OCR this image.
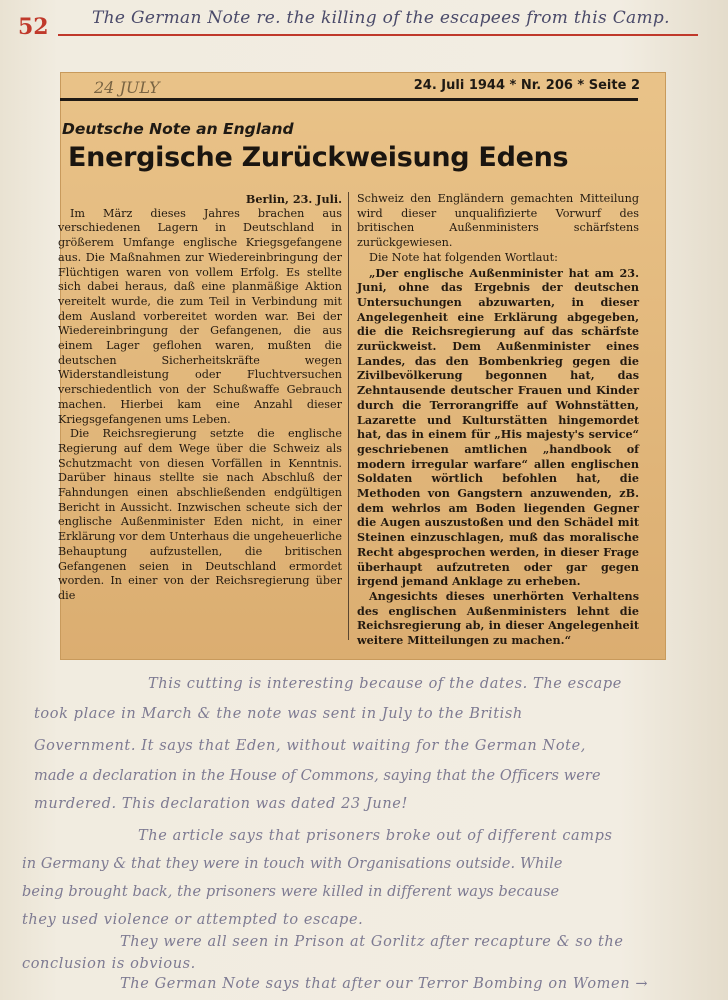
52	The German Note re. the killing of the escapees from this Camp.
24 JULY	24. Juli 1944 * Nr. 206 * Seite 2
Deutsche Note an England
Energische Zurückweisung Edens

Berlin, 23. Juli.

Im März dieses Jahres brachen aus verschiedenen Lagern in Deutschland in größerem Umfange englische Kriegsgefangene aus. Die Maßnahmen zur Wiedereinbringung der Flüchtigen waren von vollem Erfolg. Es stellte sich dabei heraus, daß eine planmäßige Aktion vereitelt wurde, die zum Teil in Verbindung mit dem Ausland vorbereitet worden war. Bei der Wiedereinbringung der Gefangenen, die aus einem Lager geflohen waren, mußten die deutschen Sicherheitskräfte wegen Widerstandleistung oder Fluchtversuchen verschiedentlich von der Schußwaffe Gebrauch machen. Hierbei kam eine Anzahl dieser Kriegsgefangenen ums Leben.

Die Reichsregierung setzte die englische Regierung auf dem Wege über die Schweiz als Schutzmacht von diesen Vorfällen in Kenntnis. Darüber hinaus stellte sie nach Abschluß der Fahndungen einen abschließenden endgültigen Bericht in Aussicht. Inzwischen scheute sich der englische Außenminister Eden nicht, in einer Erklärung vor dem Unterhaus die ungeheuerliche Behauptung aufzustellen, die britischen Gefangenen seien in Deutschland ermordet worden. In einer von der Reichsregierung über die

Schweiz den Engländern gemachten Mitteilung wird dieser unqualifizierte Vorwurf des britischen Außenministers schärfstens zurückgewiesen.

Die Note hat folgenden Wortlaut:

„Der englische Außenminister hat am 23. Juni, ohne das Ergebnis der deutschen Untersuchungen abzuwarten, in dieser Angelegenheit eine Erklärung abgegeben, die die Reichsregierung auf das schärfste zurückweist. Dem Außenminister eines Landes, das den Bombenkrieg gegen die Zivilbevölkerung begonnen hat, das Zehntausende deutscher Frauen und Kinder durch die Terrorangriffe auf Wohnstätten, Lazarette und Kulturstätten hingemordet hat, das in einem für „His majesty's service“ geschriebenen amtlichen „handbook of modern irregular warfare“ allen englischen Soldaten wörtlich befohlen hat, die Methoden von Gangstern anzuwenden, zB. dem wehrlos am Boden liegenden Gegner die Augen auszustoßen und den Schädel mit Steinen einzuschlagen, muß das moralische Recht abgesprochen werden, in dieser Frage überhaupt aufzutreten oder gar gegen irgend jemand Anklage zu erheben.

Angesichts dieses unerhörten Verhaltens des englischen Außenministers lehnt die Reichsregierung ab, in dieser Angelegenheit weitere Mitteilungen zu machen.“

This cutting is interesting because of the dates. The escape
took place in March & the note was sent in July to the British
Government. It says that Eden, without waiting for the German Note,
made a declaration in the House of Commons, saying that the Officers were
murdered. This declaration was dated 23 June!
The article says that prisoners broke out of different camps
in Germany & that they were in touch with Organisations outside. While
being brought back, the prisoners were killed in different ways because
they used violence or attempted to escape.
They were all seen in Prison at Gorlitz after recapture & so the
conclusion is obvious.
The German Note says that after our Terror Bombing on Women →
